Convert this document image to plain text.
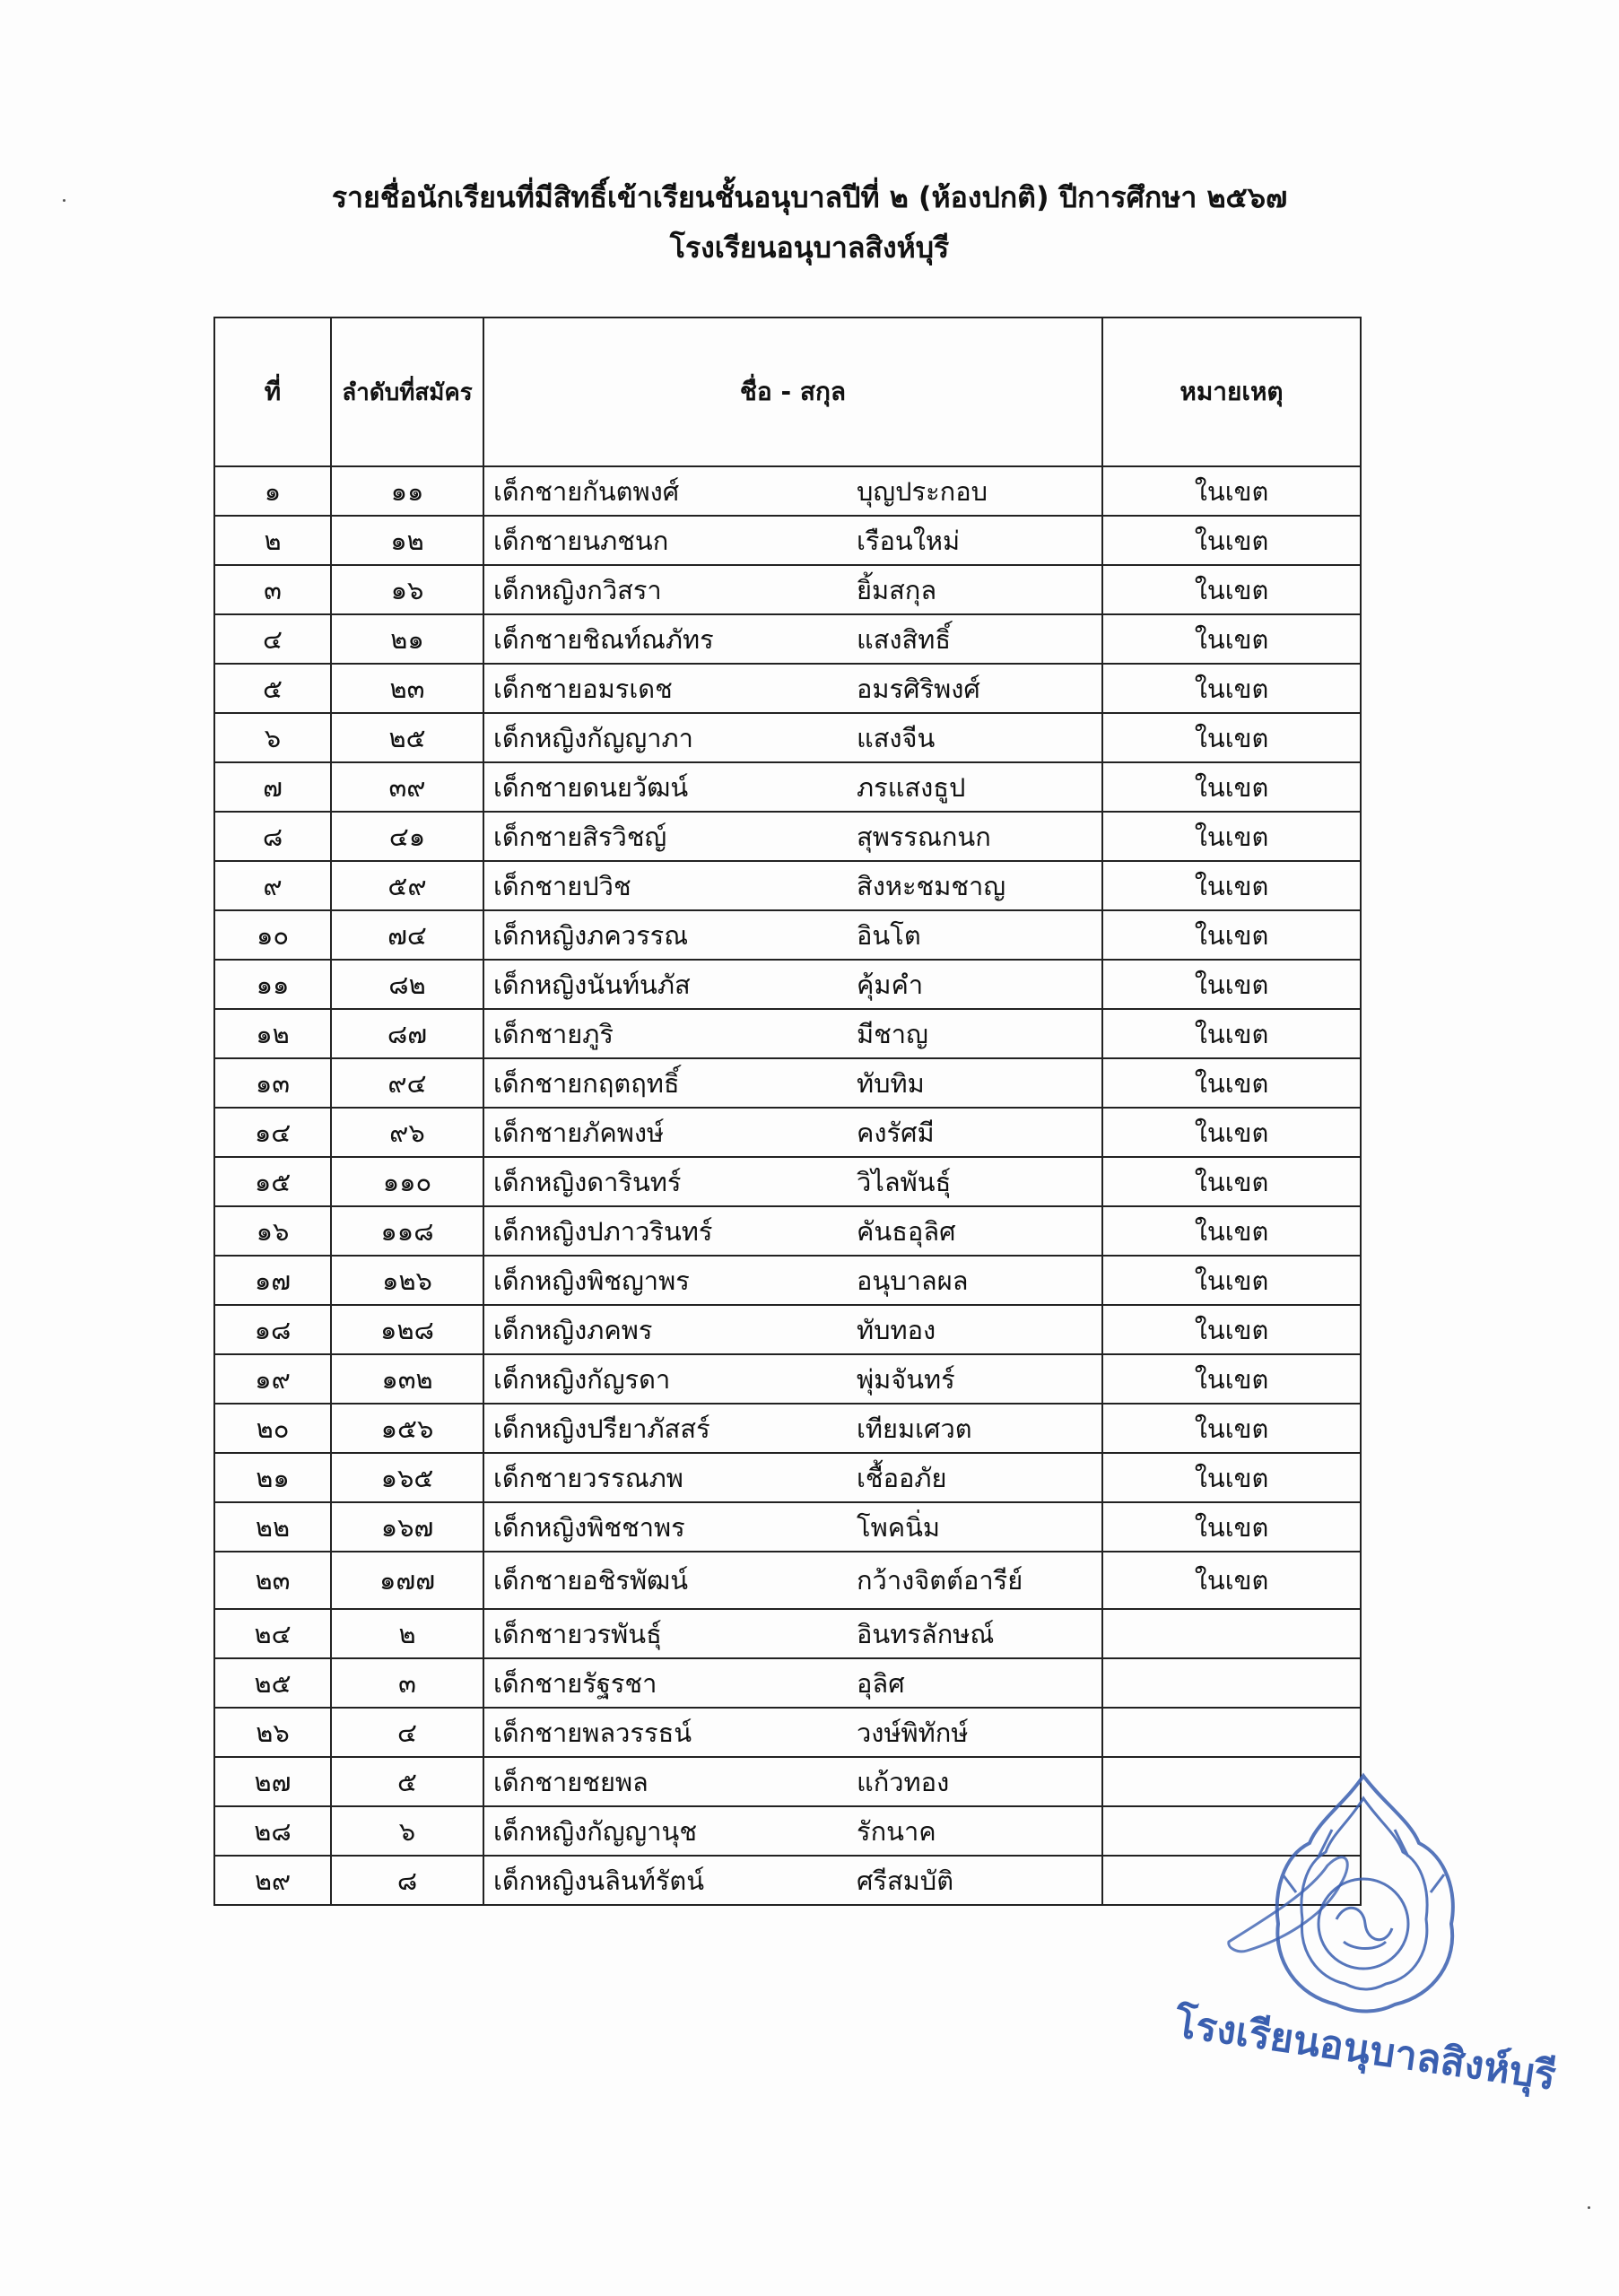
รายชื่อนักเรียนที่มีสิทธิ์เข้าเรียนชั้นอนุบาลปีที่ ๒ (ห้องปกติ) ปีการศึกษา ๒๕๖๗
โรงเรียนอนุบาลสิงห์บุรี
ที่	ลำดับที่สมัคร	ชื่อ - สกุล	หมายเหตุ
๑	๑๑	เด็กชายกันตพงศ์ บุญประกอบ	ในเขต
๒	๑๒	เด็กชายนภชนก เรือนใหม่	ในเขต
๓	๑๖	เด็กหญิงกวิสรา ยิ้มสกุล	ในเขต
๔	๒๑	เด็กชายชิณท์ณภัทร แสงสิทธิ์	ในเขต
๕	๒๓	เด็กชายอมรเดช อมรศิริพงศ์	ในเขต
๖	๒๕	เด็กหญิงกัญญาภา แสงจีน	ในเขต
๗	๓๙	เด็กชายดนยวัฒน์ ภรแสงธูป	ในเขต
๘	๔๑	เด็กชายสิรวิชญ์ สุพรรณกนก	ในเขต
๙	๕๙	เด็กชายปวิช สิงหะชมชาญ	ในเขต
๑๐	๗๔	เด็กหญิงภควรรณ อินโต	ในเขต
๑๑	๘๒	เด็กหญิงนันท์นภัส คุ้มคำ	ในเขต
๑๒	๘๗	เด็กชายภูริ มีชาญ	ในเขต
๑๓	๙๔	เด็กชายกฤตฤทธิ์ ทับทิม	ในเขต
๑๔	๙๖	เด็กชายภัคพงษ์ คงรัศมี	ในเขต
๑๕	๑๑๐	เด็กหญิงดารินทร์ วิไลพันธุ์	ในเขต
๑๖	๑๑๘	เด็กหญิงปภาวรินทร์ คันธอุลิศ	ในเขต
๑๗	๑๒๖	เด็กหญิงพิชญาพร อนุบาลผล	ในเขต
๑๘	๑๒๘	เด็กหญิงภคพร ทับทอง	ในเขต
๑๙	๑๓๒	เด็กหญิงกัญรดา พุ่มจันทร์	ในเขต
๒๐	๑๕๖	เด็กหญิงปรียาภัสสร์ เทียมเศวต	ในเขต
๒๑	๑๖๕	เด็กชายวรรณภพ เชื้ออภัย	ในเขต
๒๒	๑๖๗	เด็กหญิงพิชชาพร โพคนิ่ม	ในเขต
๒๓	๑๗๗	เด็กชายอชิรพัฒน์ กว้างจิตต์อารีย์	ในเขต
๒๔	๒	เด็กชายวรพันธุ์ อินทรลักษณ์	

๒๕	๓	เด็กชายรัฐรชา อุลิศ	

๒๖	๔	เด็กชายพลวรรธน์ วงษ์พิทักษ์	

๒๗	๕	เด็กชายชยพล แก้วทอง	

๒๘	๖	เด็กหญิงกัญญานุช รักนาค	

๒๙	๘	เด็กหญิงนลินท์รัตน์ ศรีสมบัติ	

โรงเรียนอนุบาลสิงห์บุรี
